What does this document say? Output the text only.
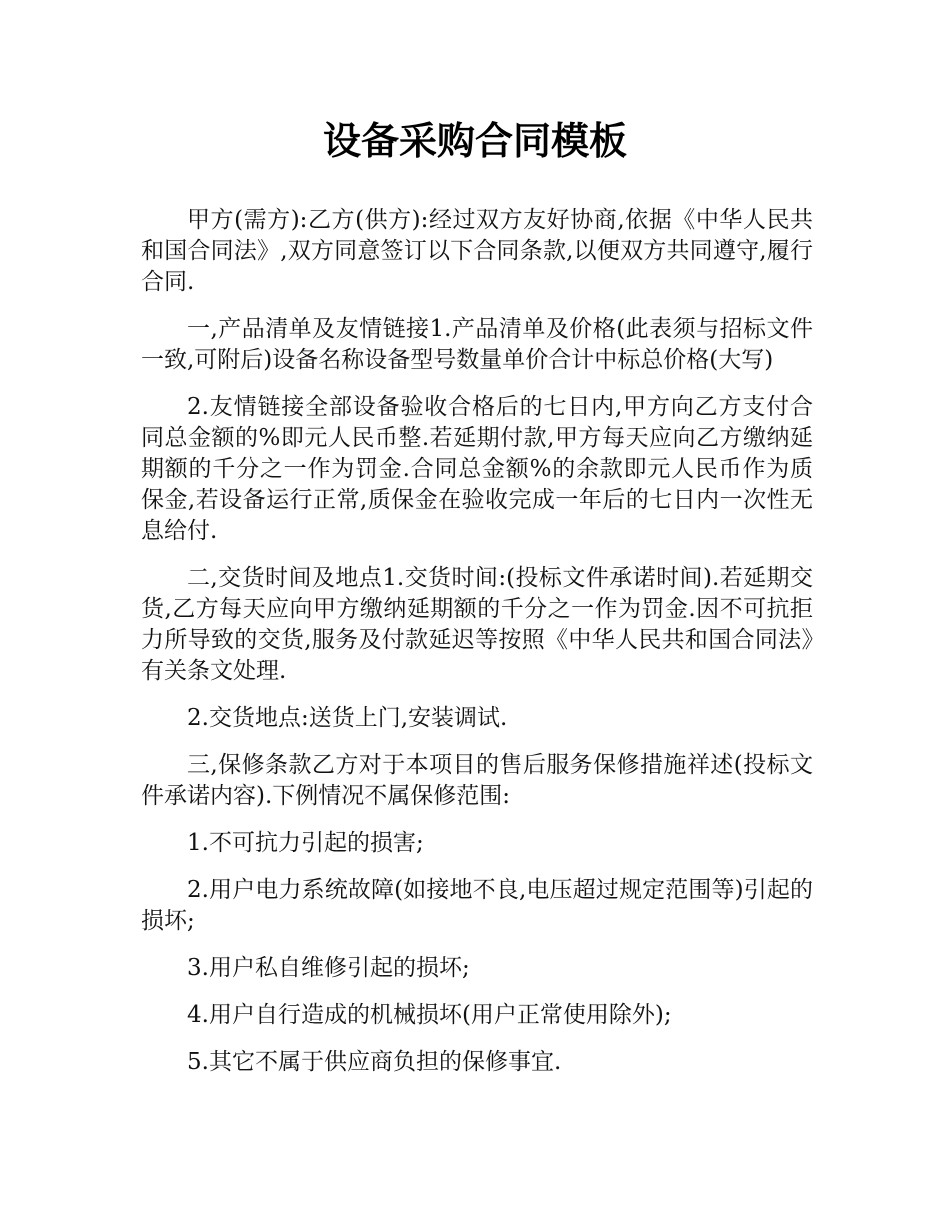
设备采购合同模板

甲方(需方):乙方(供方):经过双方友好协商,依据《中华人民共和国合同法》,双方同意签订以下合同条款,以便双方共同遵守,履行合同.

一,产品清单及友情链接1.产品清单及价格(此表须与招标文件一致,可附后)设备名称设备型号数量单价合计中标总价格(大写)

2.友情链接全部设备验收合格后的七日内,甲方向乙方支付合同总金额的%即元人民币整.若延期付款,甲方每天应向乙方缴纳延期额的千分之一作为罚金.合同总金额%的余款即元人民币作为质保金,若设备运行正常,质保金在验收完成一年后的七日内一次性无息给付.

二,交货时间及地点1.交货时间:(投标文件承诺时间).若延期交货,乙方每天应向甲方缴纳延期额的千分之一作为罚金.因不可抗拒力所导致的交货,服务及付款延迟等按照《中华人民共和国合同法》有关条文处理.

2.交货地点:送货上门,安装调试.

三,保修条款乙方对于本项目的售后服务保修措施祥述(投标文件承诺内容).下例情况不属保修范围:

1.不可抗力引起的损害;

2.用户电力系统故障(如接地不良,电压超过规定范围等)引起的损坏;

3.用户私自维修引起的损坏;

4.用户自行造成的机械损坏(用户正常使用除外);

5.其它不属于供应商负担的保修事宜.
